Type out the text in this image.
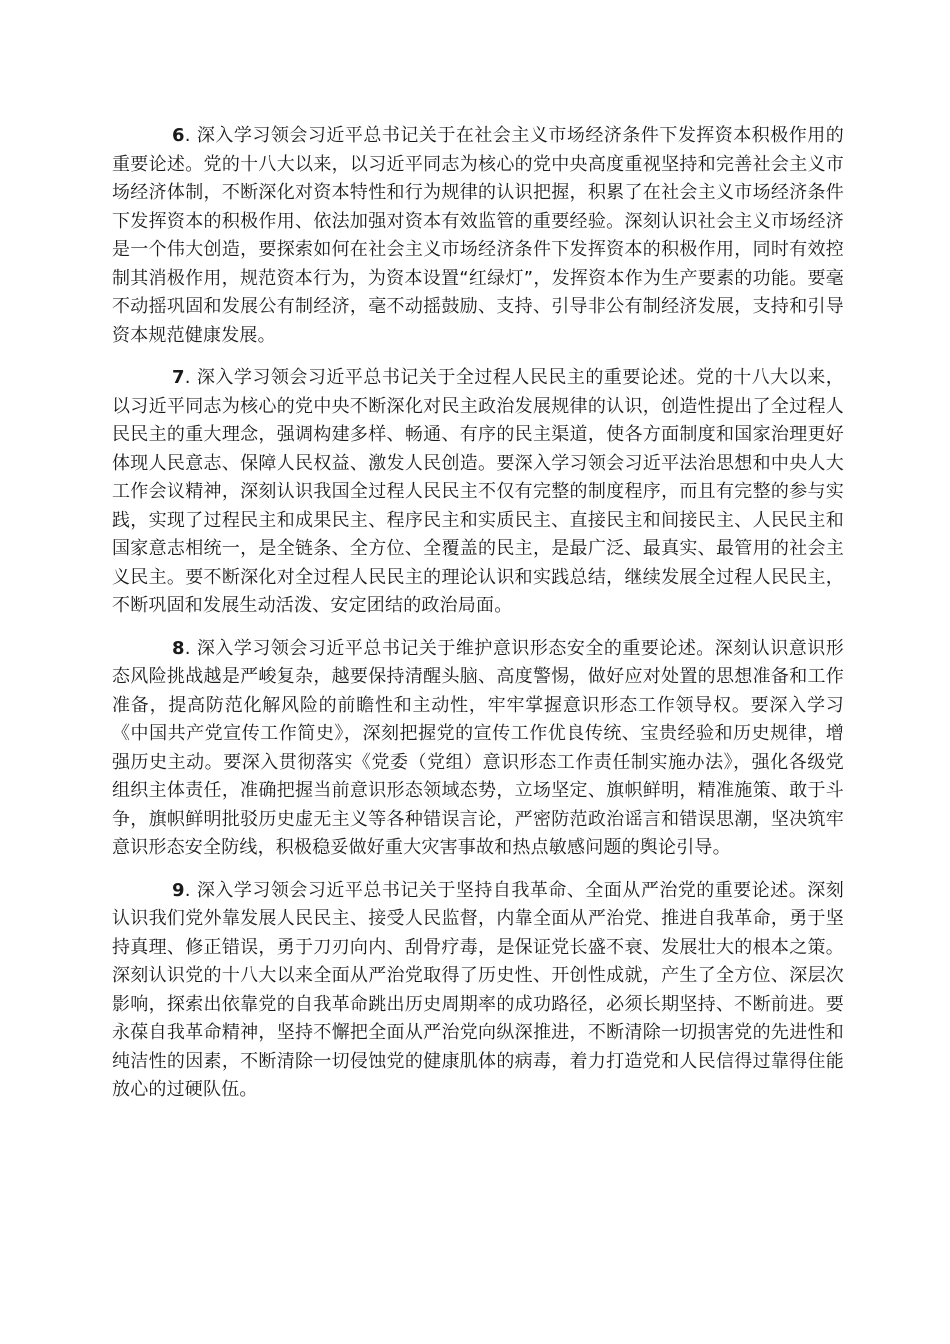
6. 深入学习领会习近平总书记关于在社会主义市场经济条件下发挥资本积极作用的重要论述。党的十八大以来，以习近平同志为核心的党中央高度重视坚持和完善社会主义市场经济体制，不断深化对资本特性和行为规律的认识把握，积累了在社会主义市场经济条件下发挥资本的积极作用、依法加强对资本有效监管的重要经验。深刻认识社会主义市场经济是一个伟大创造，要探索如何在社会主义市场经济条件下发挥资本的积极作用，同时有效控制其消极作用，规范资本行为，为资本设置“红绿灯”，发挥资本作为生产要素的功能。要毫不动摇巩固和发展公有制经济，毫不动摇鼓励、支持、引导非公有制经济发展，支持和引导资本规范健康发展。

7. 深入学习领会习近平总书记关于全过程人民民主的重要论述。党的十八大以来，以习近平同志为核心的党中央不断深化对民主政治发展规律的认识，创造性提出了全过程人民民主的重大理念，强调构建多样、畅通、有序的民主渠道，使各方面制度和国家治理更好体现人民意志、保障人民权益、激发人民创造。要深入学习领会习近平法治思想和中央人大工作会议精神，深刻认识我国全过程人民民主不仅有完整的制度程序，而且有完整的参与实践，实现了过程民主和成果民主、程序民主和实质民主、直接民主和间接民主、人民民主和国家意志相统一，是全链条、全方位、全覆盖的民主，是最广泛、最真实、最管用的社会主义民主。要不断深化对全过程人民民主的理论认识和实践总结，继续发展全过程人民民主，不断巩固和发展生动活泼、安定团结的政治局面。

8. 深入学习领会习近平总书记关于维护意识形态安全的重要论述。深刻认识意识形态风险挑战越是严峻复杂，越要保持清醒头脑、高度警惕，做好应对处置的思想准备和工作准备，提高防范化解风险的前瞻性和主动性，牢牢掌握意识形态工作领导权。要深入学习《中国共产党宣传工作简史》，深刻把握党的宣传工作优良传统、宝贵经验和历史规律，增强历史主动。要深入贯彻落实《党委（党组）意识形态工作责任制实施办法》，强化各级党组织主体责任，准确把握当前意识形态领域态势，立场坚定、旗帜鲜明，精准施策、敢于斗争，旗帜鲜明批驳历史虚无主义等各种错误言论，严密防范政治谣言和错误思潮，坚决筑牢意识形态安全防线，积极稳妥做好重大灾害事故和热点敏感问题的舆论引导。

9. 深入学习领会习近平总书记关于坚持自我革命、全面从严治党的重要论述。深刻认识我们党外靠发展人民民主、接受人民监督，内靠全面从严治党、推进自我革命，勇于坚持真理、修正错误，勇于刀刃向内、刮骨疗毒，是保证党长盛不衰、发展壮大的根本之策。深刻认识党的十八大以来全面从严治党取得了历史性、开创性成就，产生了全方位、深层次影响，探索出依靠党的自我革命跳出历史周期率的成功路径，必须长期坚持、不断前进。要永葆自我革命精神，坚持不懈把全面从严治党向纵深推进，不断清除一切损害党的先进性和纯洁性的因素，不断清除一切侵蚀党的健康肌体的病毒，着力打造党和人民信得过靠得住能放心的过硬队伍。
